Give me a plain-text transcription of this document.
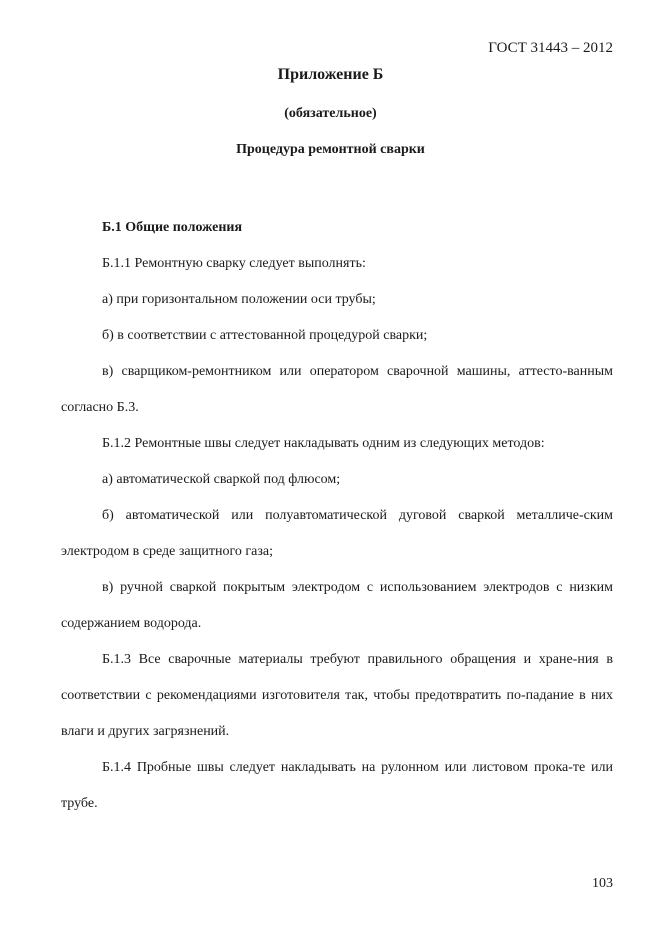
ГОСТ 31443 – 2012
Приложение Б
(обязательное)
Процедура ремонтной сварки

Б.1 Общие положения

Б.1.1 Ремонтную сварку следует выполнять:

а) при горизонтальном положении оси трубы;

б) в соответствии с аттестованной процедурой сварки;

в) сварщиком-ремонтником или оператором сварочной машины, аттесто-ванным согласно Б.3.

Б.1.2 Ремонтные швы следует накладывать одним из следующих методов:

а) автоматической сваркой под флюсом;

б) автоматической или полуавтоматической дуговой сваркой металличе-ским электродом в среде защитного газа;

в) ручной сваркой покрытым электродом с использованием электродов с низким содержанием водорода.

Б.1.3 Все сварочные материалы требуют правильного обращения и хране-ния в соответствии с рекомендациями изготовителя так, чтобы предотвратить по-падание в них влаги и других загрязнений.

Б.1.4 Пробные швы следует накладывать на рулонном или листовом прока-те или трубе.

103
